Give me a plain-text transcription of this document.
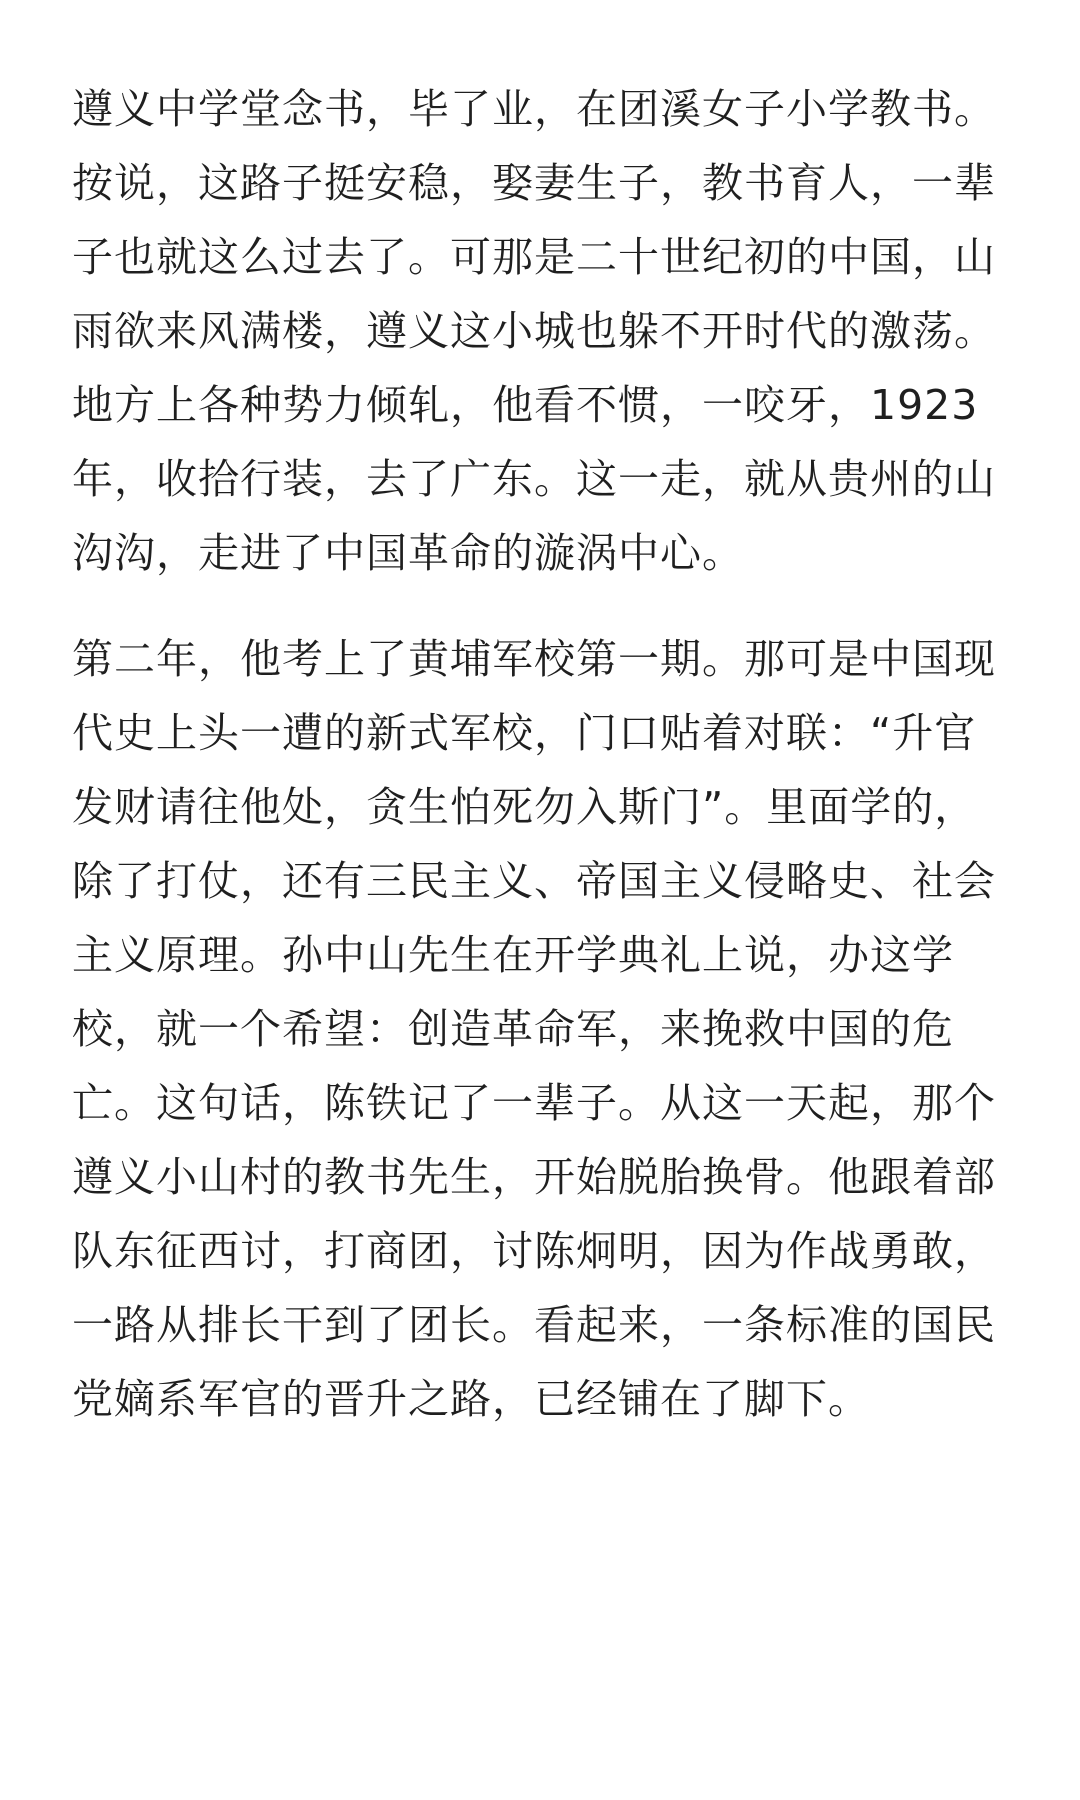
遵义中学堂念书，毕了业，在团溪女子小学教书。
按说，这路子挺安稳，娶妻生子，教书育人，一辈
子也就这么过去了。可那是二十世纪初的中国，山
雨欲来风满楼，遵义这小城也躲不开时代的激荡。
地方上各种势力倾轧，他看不惯，一咬牙，1923
年，收拾行装，去了广东。这一走，就从贵州的山
沟沟，走进了中国革命的漩涡中心。

第二年，他考上了黄埔军校第一期。那可是中国现
代史上头一遭的新式军校，门口贴着对联：“升官
发财请往他处，贪生怕死勿入斯门”。里面学的，
除了打仗，还有三民主义、帝国主义侵略史、社会
主义原理。孙中山先生在开学典礼上说，办这学
校，就一个希望：创造革命军，来挽救中国的危
亡。这句话，陈铁记了一辈子。从这一天起，那个
遵义小山村的教书先生，开始脱胎换骨。他跟着部
队东征西讨，打商团，讨陈炯明，因为作战勇敢，
一路从排长干到了团长。看起来，一条标准的国民
党嫡系军官的晋升之路，已经铺在了脚下。
